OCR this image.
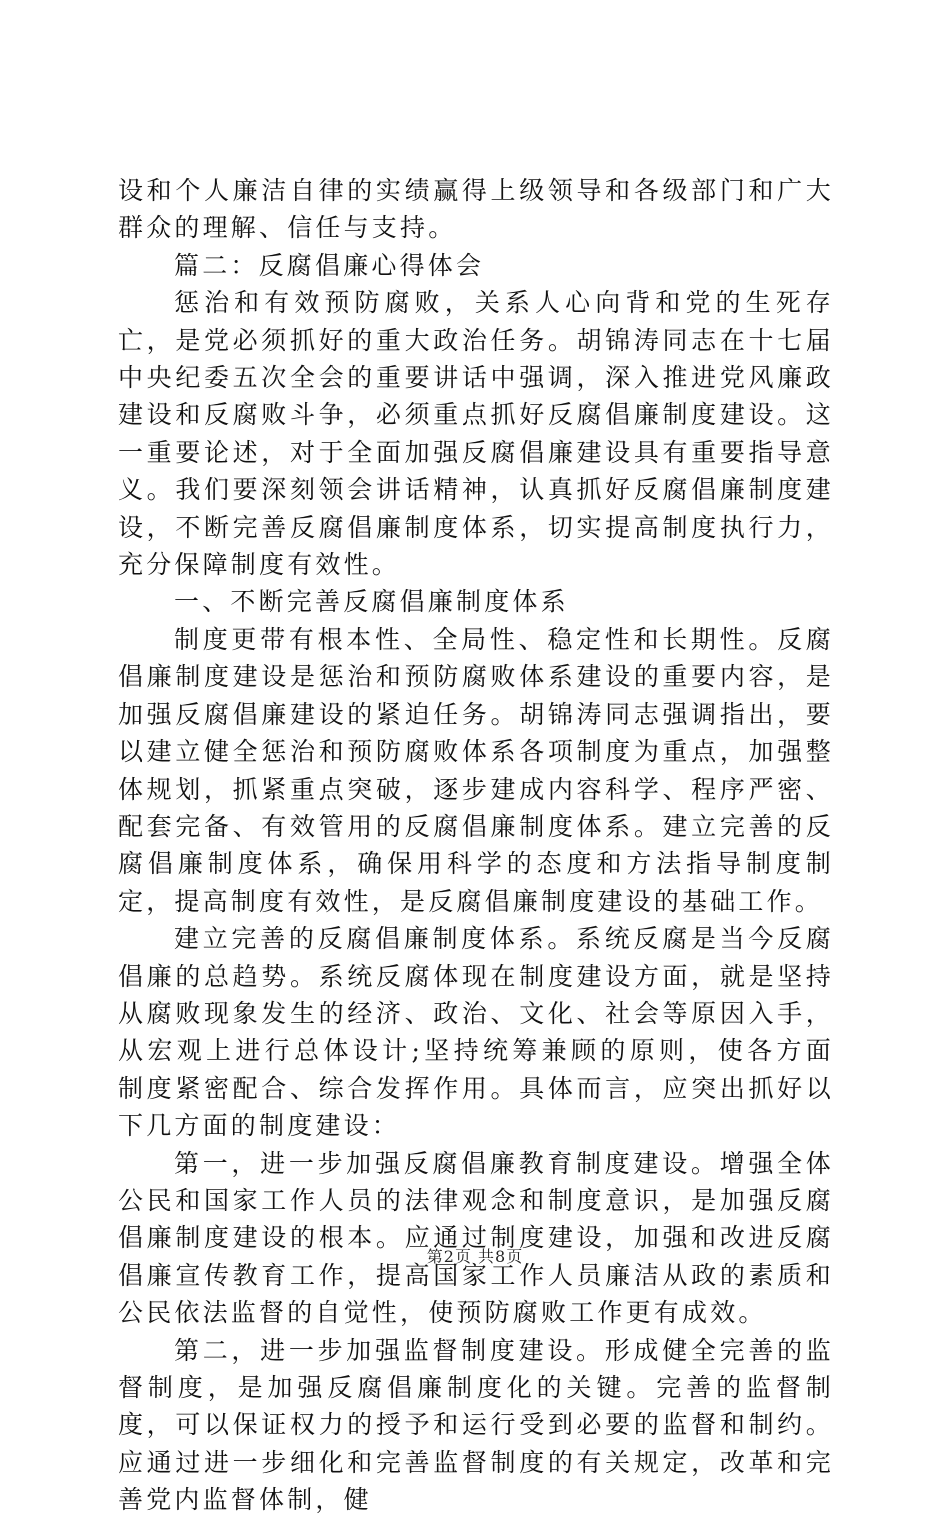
设和个人廉洁自律的实绩赢得上级领导和各级部门和广大群众的理解、信任与支持。

篇二：反腐倡廉心得体会

惩治和有效预防腐败，关系人心向背和党的生死存亡，是党必须抓好的重大政治任务。胡锦涛同志在十七届中央纪委五次全会的重要讲话中强调，深入推进党风廉政建设和反腐败斗争，必须重点抓好反腐倡廉制度建设。这一重要论述，对于全面加强反腐倡廉建设具有重要指导意义。我们要深刻领会讲话精神，认真抓好反腐倡廉制度建设，不断完善反腐倡廉制度体系，切实提高制度执行力，充分保障制度有效性。

一、不断完善反腐倡廉制度体系

制度更带有根本性、全局性、稳定性和长期性。反腐倡廉制度建设是惩治和预防腐败体系建设的重要内容，是加强反腐倡廉建设的紧迫任务。胡锦涛同志强调指出，要以建立健全惩治和预防腐败体系各项制度为重点，加强整体规划，抓紧重点突破，逐步建成内容科学、程序严密、配套完备、有效管用的反腐倡廉制度体系。建立完善的反腐倡廉制度体系，确保用科学的态度和方法指导制度制定，提高制度有效性，是反腐倡廉制度建设的基础工作。

建立完善的反腐倡廉制度体系。系统反腐是当今反腐倡廉的总趋势。系统反腐体现在制度建设方面，就是坚持从腐败现象发生的经济、政治、文化、社会等原因入手，从宏观上进行总体设计;坚持统筹兼顾的原则，使各方面制度紧密配合、综合发挥作用。具体而言，应突出抓好以下几方面的制度建设：

第一，进一步加强反腐倡廉教育制度建设。增强全体公民和国家工作人员的法律观念和制度意识，是加强反腐倡廉制度建设的根本。应通过制度建设，加强和改进反腐倡廉宣传教育工作，提高国家工作人员廉洁从政的素质和公民依法监督的自觉性，使预防腐败工作更有成效。

第二，进一步加强监督制度建设。形成健全完善的监督制度，是加强反腐倡廉制度化的关键。完善的监督制度，可以保证权力的授予和运行受到必要的监督和制约。应通过进一步细化和完善监督制度的有关规定，改革和完善党内监督体制，健

第2页 共8页
